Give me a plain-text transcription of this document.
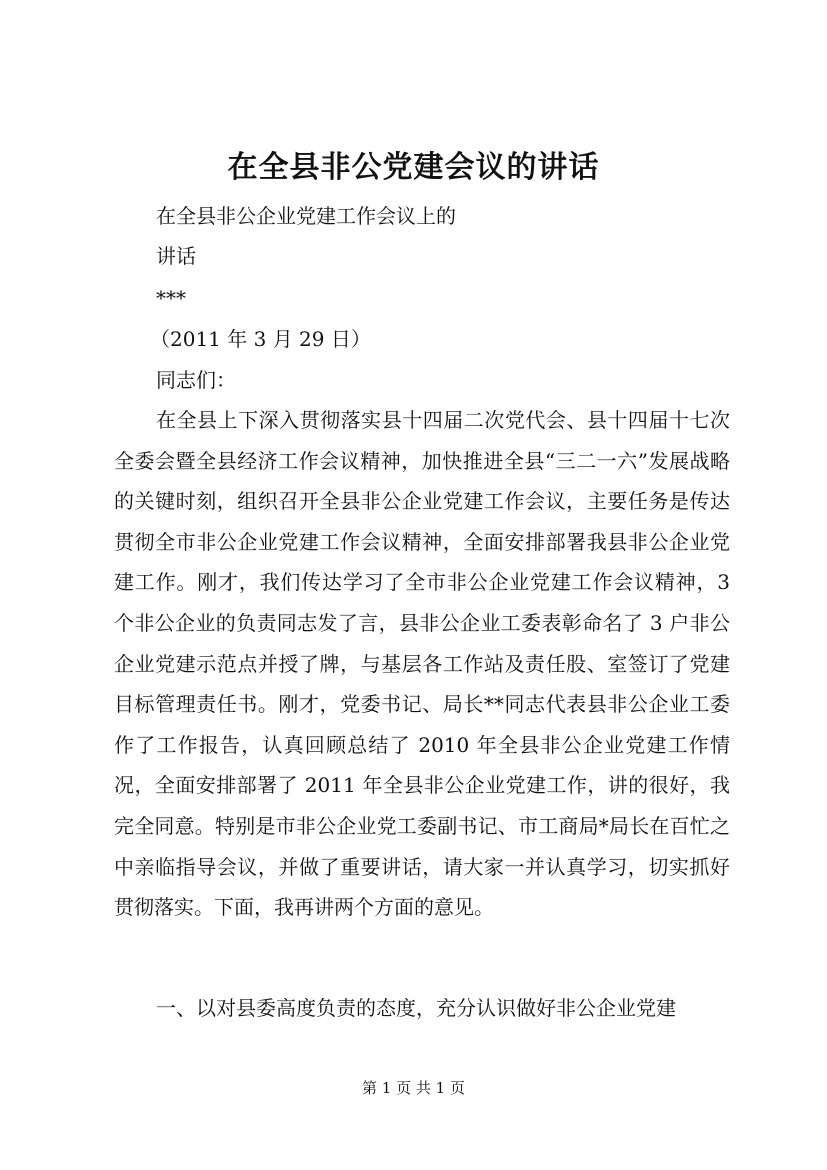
在全县非公党建会议的讲话
在全县非公企业党建工作会议上的
讲话
***
（2011 年 3 月 29 日）
同志们：

在全县上下深入贯彻落实县十四届二次党代会、县十四届十七次全委会暨全县经济工作会议精神，加快推进全县“三二一六”发展战略的关键时刻，组织召开全县非公企业党建工作会议，主要任务是传达贯彻全市非公企业党建工作会议精神，全面安排部署我县非公企业党建工作。刚才，我们传达学习了全市非公企业党建工作会议精神，3 个非公企业的负责同志发了言，县非公企业工委表彰命名了 3 户非公企业党建示范点并授了牌，与基层各工作站及责任股、室签订了党建目标管理责任书。刚才，党委书记、局长**同志代表县非公企业工委作了工作报告，认真回顾总结了 2010 年全县非公企业党建工作情况，全面安排部署了 2011 年全县非公企业党建工作，讲的很好，我完全同意。特别是市非公企业党工委副书记、市工商局*局长在百忙之中亲临指导会议，并做了重要讲话，请大家一并认真学习，切实抓好贯彻落实。下面，我再讲两个方面的意见。

一、以对县委高度负责的态度，充分认识做好非公企业党建
第 1 页 共 1 页
